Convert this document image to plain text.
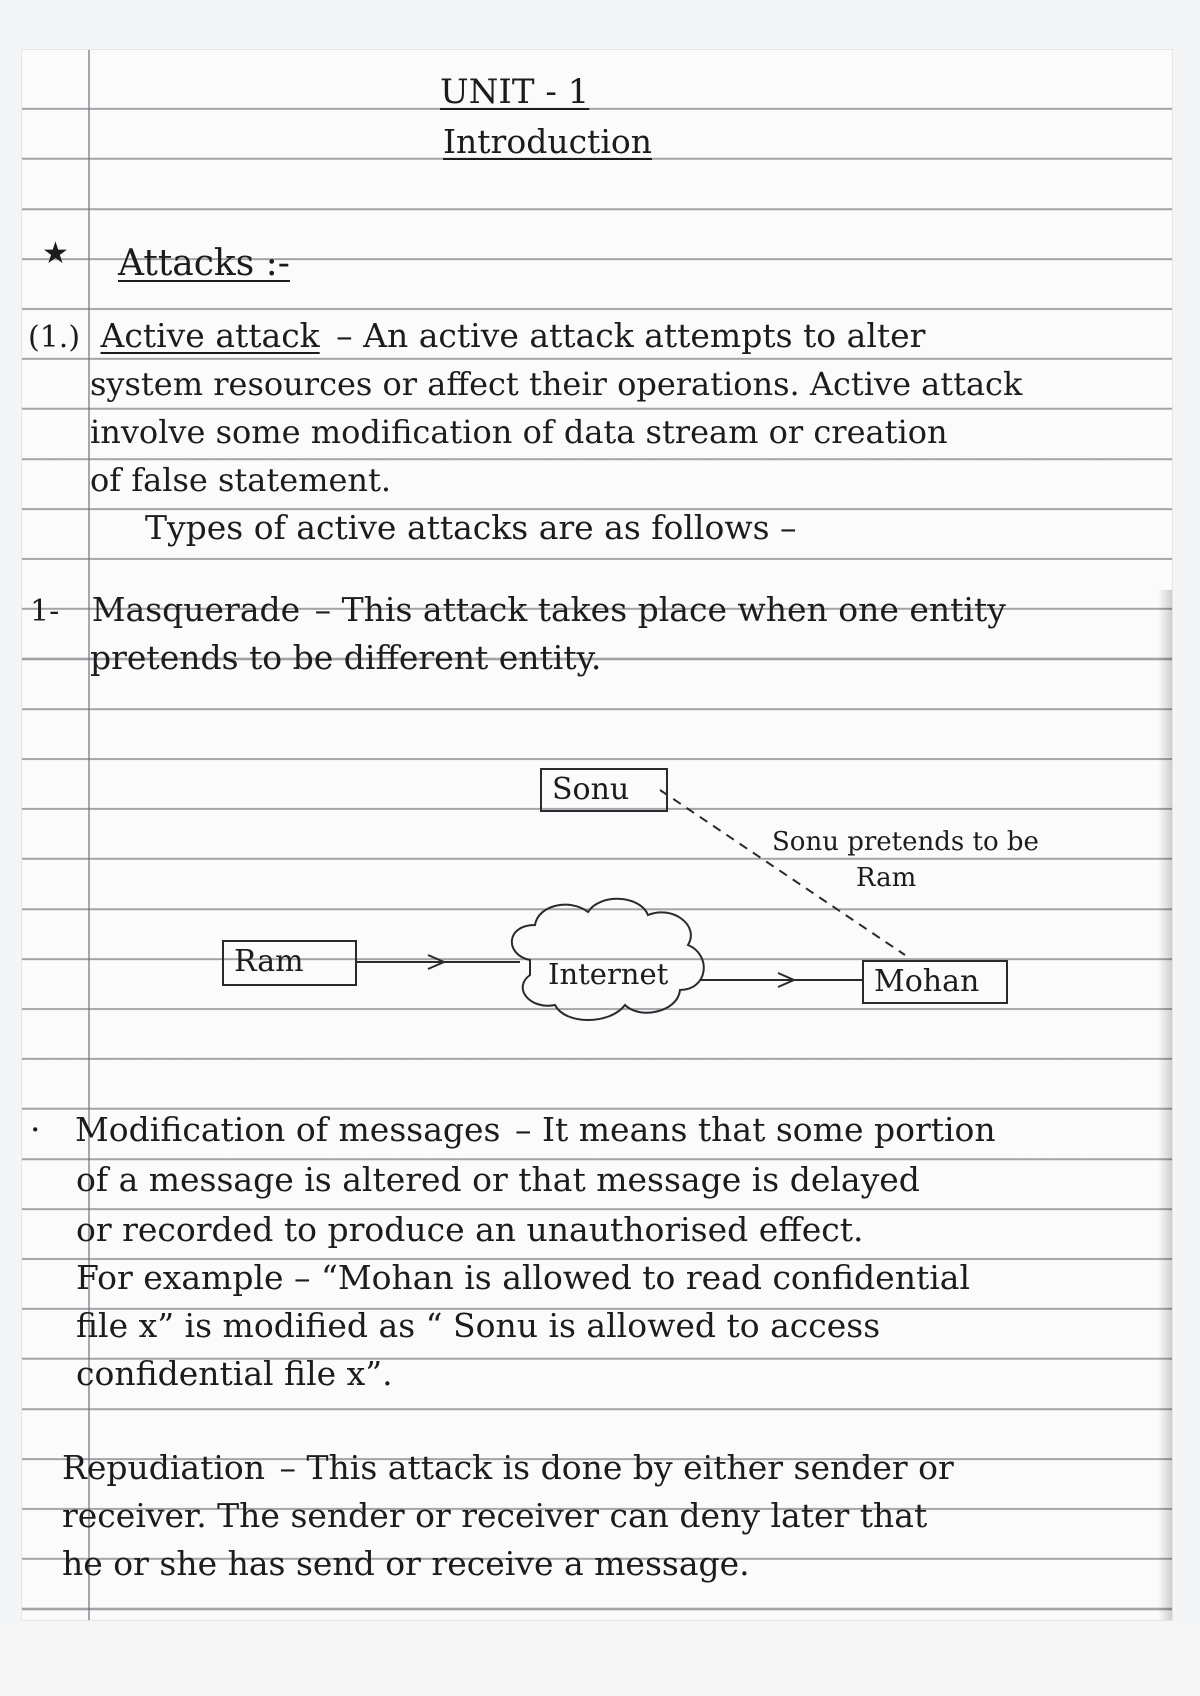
UNIT - 1
Introduction
★ Attacks :-
(1.) Active attack – An active attack attempts to alter
system resources or affect their operations. Active attack
involve some modification of data stream or creation
of false statement.
Types of active attacks are as follows –
1- Masquerade – This attack takes place when one entity
pretends to be different entity.
Sonu
Ram	Internet	Mohan
Sonu pretends to be
Ram
· Modification of messages – It means that some portion
of a message is altered or that message is delayed
or recorded to produce an unauthorised effect.
For example – “Mohan is allowed to read confidential
file x” is modified as “ Sonu is allowed to access
confidential file x”.
Repudiation – This attack is done by either sender or
receiver. The sender or receiver can deny later that
he or she has send or receive a message.
